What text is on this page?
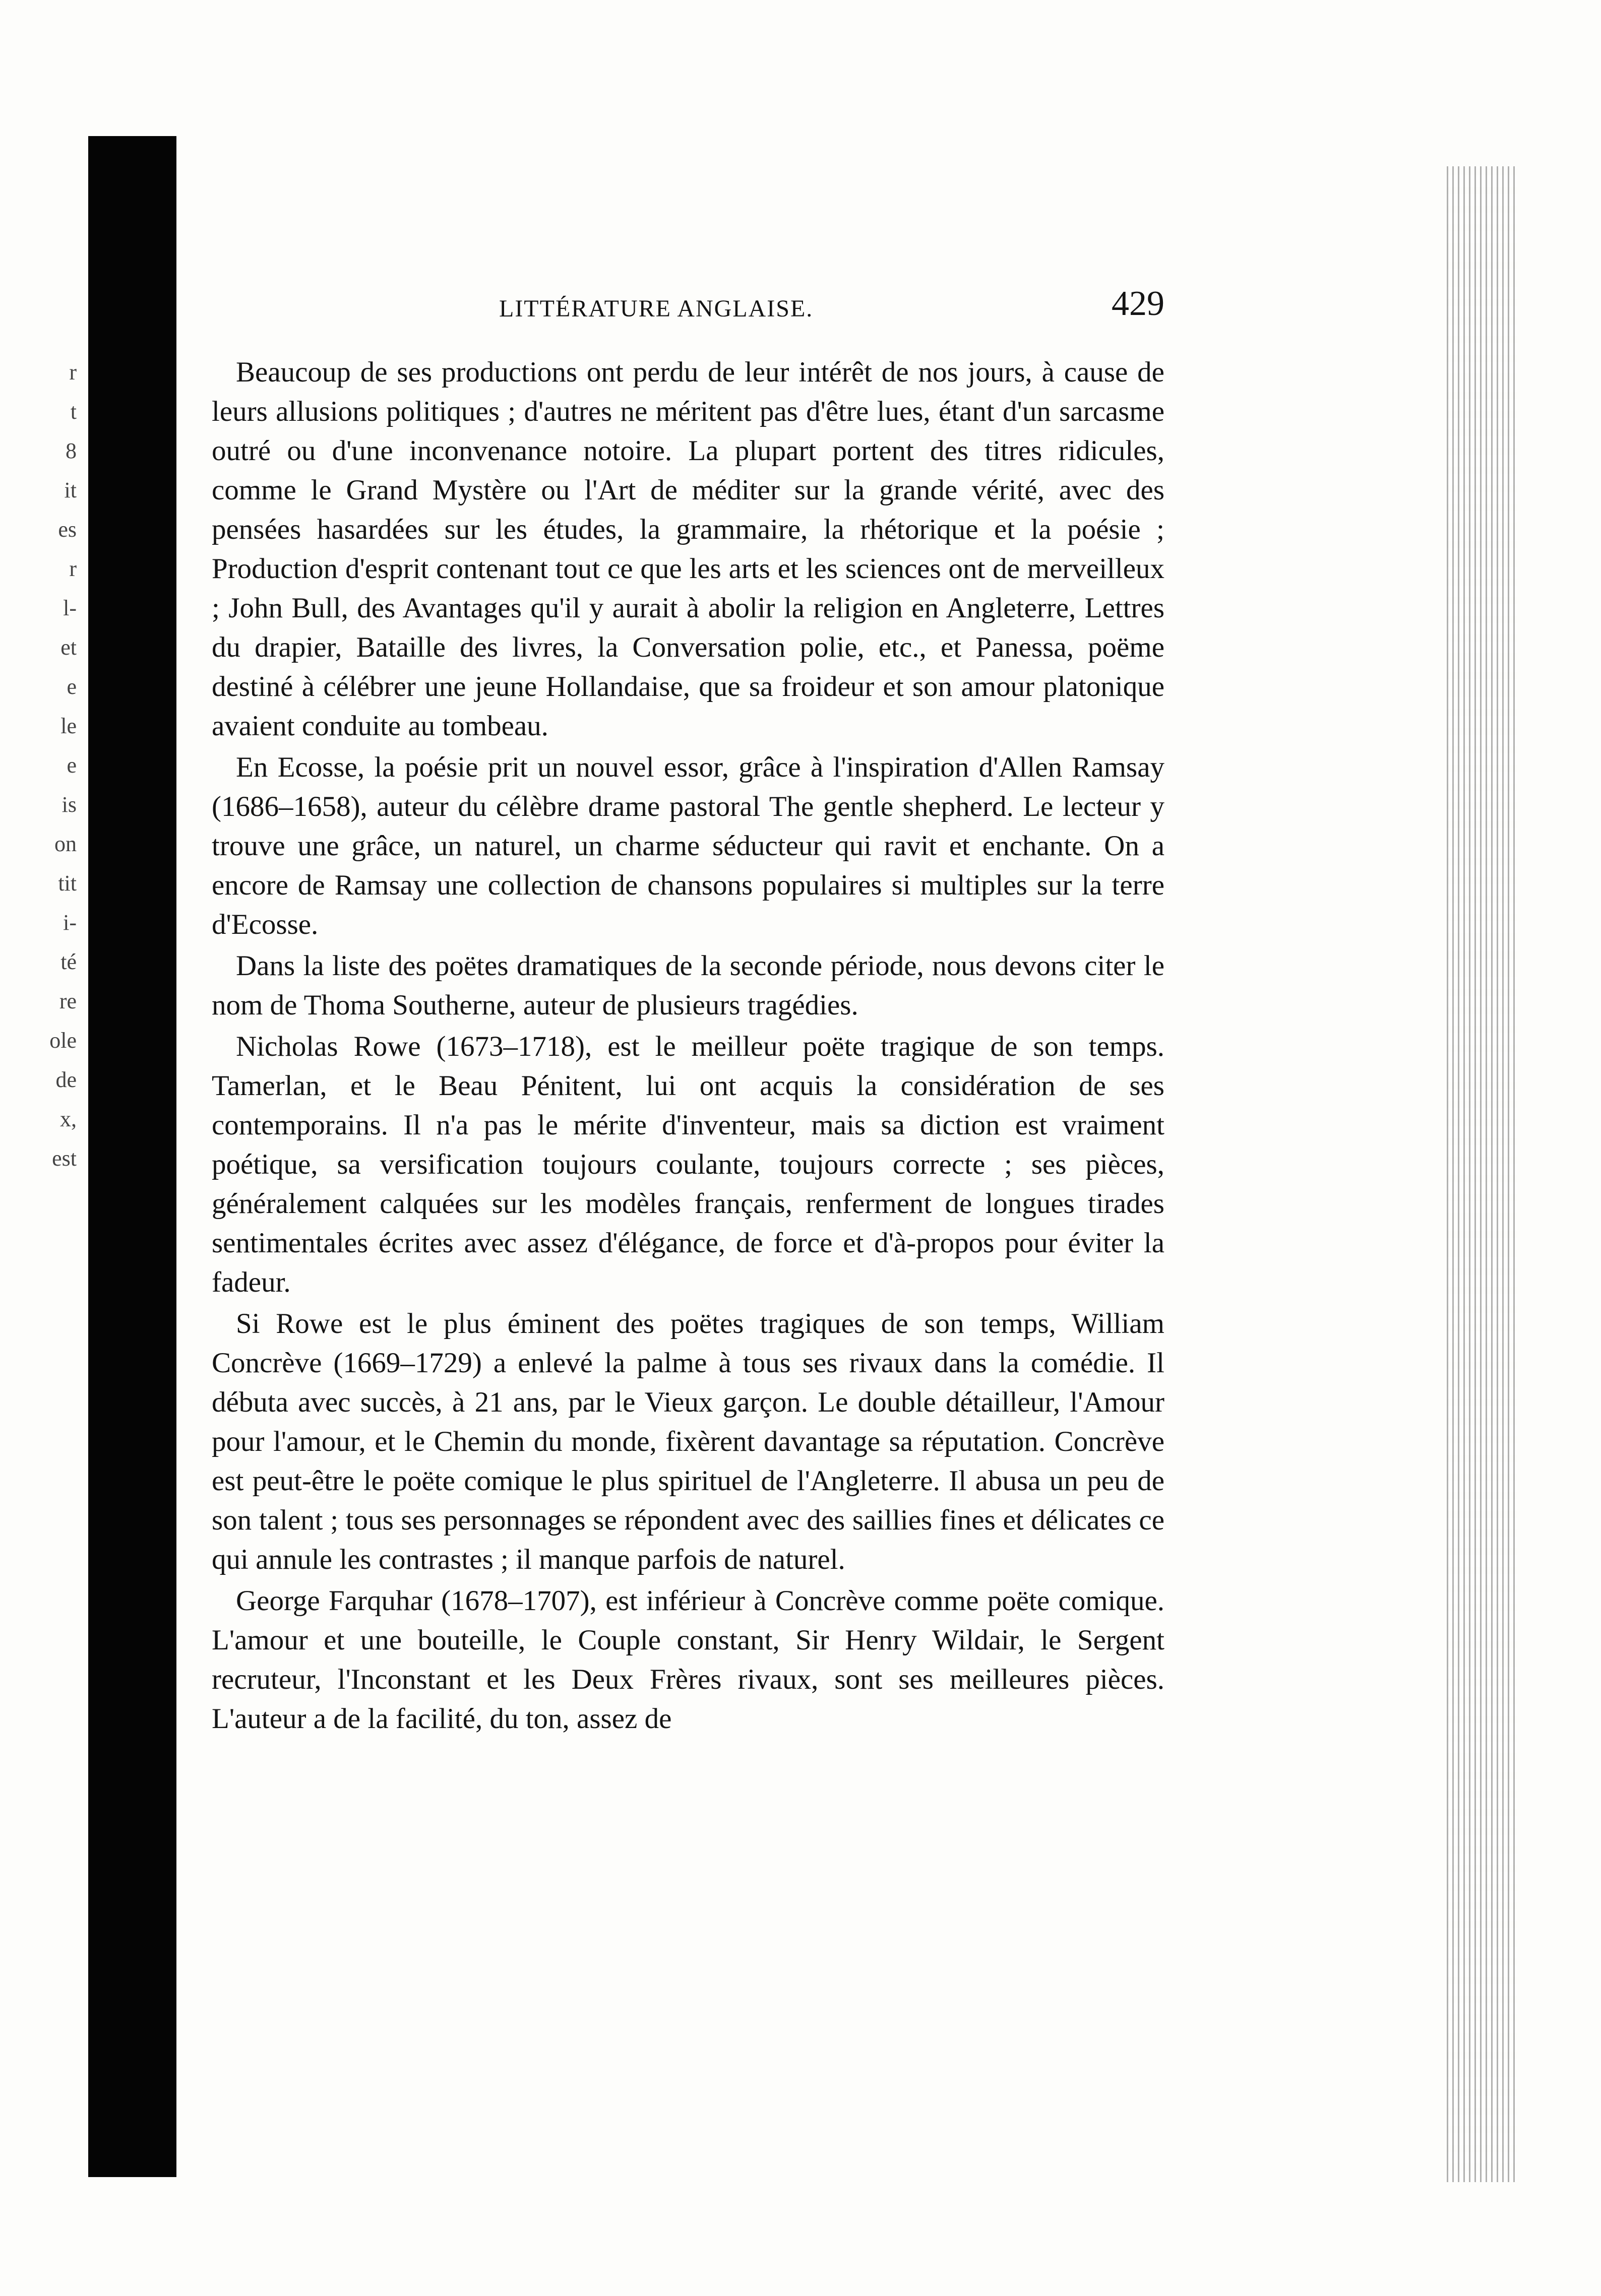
r
t
8
it
es
r
l-
et
e
le
e
is
on
tit
i-
té
re
ole
de
x,
est
LITTÉRATURE ANGLAISE.	429

Beaucoup de ses productions ont perdu de leur intérêt de nos jours, à cause de leurs allusions politiques ; d'autres ne méritent pas d'être lues, étant d'un sarcasme outré ou d'une inconvenance notoire. La plupart portent des titres ridicules, comme le Grand Mystère ou l'Art de méditer sur la grande vérité, avec des pensées hasardées sur les études, la grammaire, la rhétorique et la poésie ; Production d'esprit contenant tout ce que les arts et les sciences ont de merveilleux ; John Bull, des Avantages qu'il y aurait à abolir la religion en Angleterre, Lettres du drapier, Bataille des livres, la Conversation polie, etc., et Panessa, poëme destiné à célébrer une jeune Hollandaise, que sa froideur et son amour platonique avaient conduite au tombeau.

En Ecosse, la poésie prit un nouvel essor, grâce à l'inspiration d'Allen Ramsay (1686–1658), auteur du célèbre drame pastoral The gentle shepherd. Le lecteur y trouve une grâce, un naturel, un charme séducteur qui ravit et enchante. On a encore de Ramsay une collection de chansons populaires si multiples sur la terre d'Ecosse.

Dans la liste des poëtes dramatiques de la seconde période, nous devons citer le nom de Thoma Southerne, auteur de plusieurs tragédies.

Nicholas Rowe (1673–1718), est le meilleur poëte tragique de son temps. Tamerlan, et le Beau Pénitent, lui ont acquis la considération de ses contemporains. Il n'a pas le mérite d'inventeur, mais sa diction est vraiment poétique, sa versification toujours coulante, toujours correcte ; ses pièces, généralement calquées sur les modèles français, renferment de longues tirades sentimentales écrites avec assez d'élégance, de force et d'à-propos pour éviter la fadeur.

Si Rowe est le plus éminent des poëtes tragiques de son temps, William Concrève (1669–1729) a enlevé la palme à tous ses rivaux dans la comédie. Il débuta avec succès, à 21 ans, par le Vieux garçon. Le double détailleur, l'Amour pour l'amour, et le Chemin du monde, fixèrent davantage sa réputation. Concrève est peut-être le poëte comique le plus spirituel de l'Angleterre. Il abusa un peu de son talent ; tous ses personnages se répondent avec des saillies fines et délicates ce qui annule les contrastes ; il manque parfois de naturel.

George Farquhar (1678–1707), est inférieur à Concrève comme poëte comique. L'amour et une bouteille, le Couple constant, Sir Henry Wildair, le Sergent recruteur, l'Inconstant et les Deux Frères rivaux, sont ses meilleures pièces. L'auteur a de la facilité, du ton, assez de
